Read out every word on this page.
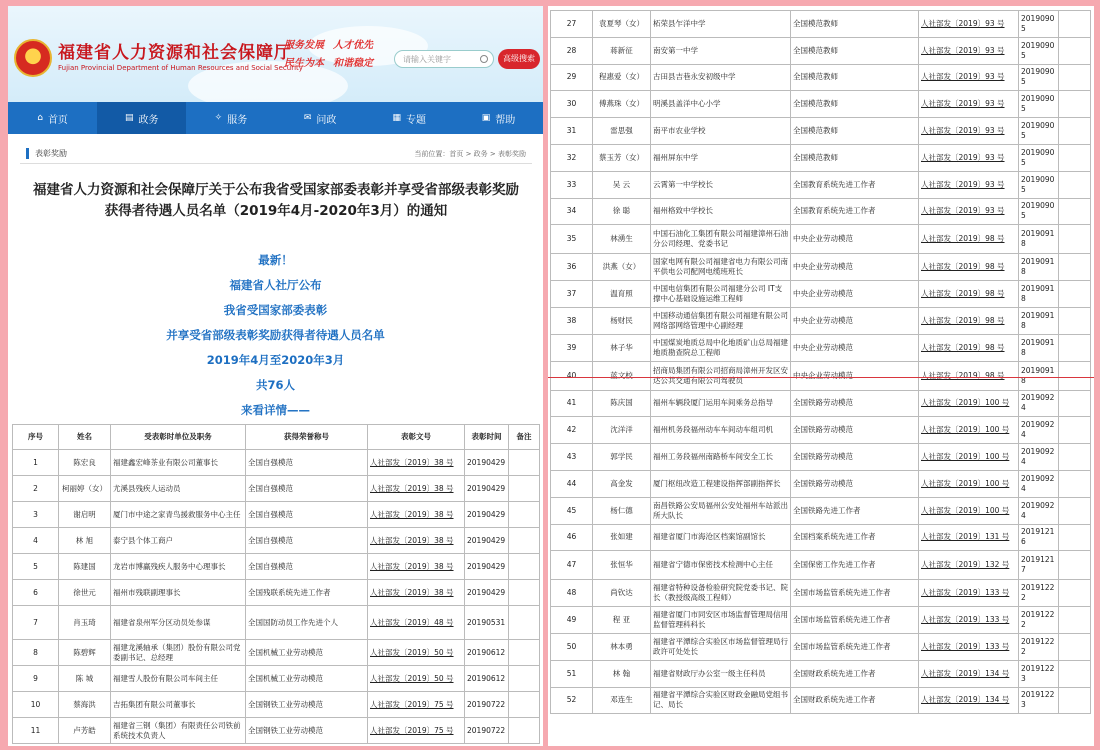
福建省人力资源和社会保障厅
Fujian Provincial Department of Human Resources and Social Security
服务发展 人才优先
民生为本 和谐稳定	请输入关键字	高级搜索
⌂ 首页	▤ 政务	✧ 服务	✉ 问政	▦ 专题	▣ 帮助
表彰奖励	当前位置：首页 > 政务 > 表彰奖励
福建省人力资源和社会保障厅关于公布我省受国家部委表彰并享受省部级表彰奖励
获得者待遇人员名单（2019年4月-2020年3月）的通知
最新！
福建省人社厅公布
我省受国家部委表彰
并享受省部级表彰奖励获得者待遇人员名单
2019年4月至2020年3月
共76人
来看详情——
序号	姓名	受表彰时单位及职务	获得荣誉称号	表彰文号	表彰时间	备注
1	陈宏良	福建鑫宏峰茶业有限公司董事长	全国自强模范	人社部发〔2019〕38 号	20190429	
2	柯丽婷（女）	尤溪县残疾人运动员	全国自强模范	人社部发〔2019〕38 号	20190429	
3	谢启明	厦门市中途之家青鸟援救服务中心主任	全国自强模范	人社部发〔2019〕38 号	20190429	
4	林 旭	泰宁县个体工商户	全国自强模范	人社部发〔2019〕38 号	20190429	
5	陈建国	龙岩市博赢残疾人服务中心理事长	全国自强模范	人社部发〔2019〕38 号	20190429	
6	徐世元	福州市残联副理事长	全国残联系统先进工作者	人社部发〔2019〕38 号	20190429	
7	肖玉琦	福建省泉州军分区动员处参谋	全国国防动员工作先进个人	人社部发〔2019〕48 号	20190531	
8	陈碧辉	福建龙溪轴承（集团）股份有限公司党委副书记、总经理	全国机械工业劳动模范	人社部发〔2019〕50 号	20190612	
9	陈 城	福建雪人股份有限公司车间主任	全国机械工业劳动模范	人社部发〔2019〕50 号	20190612	
10	蔡海洪	吉拓集团有限公司董事长	全国钢铁工业劳动模范	人社部发〔2019〕75 号	20190722	
11	卢芳皓	福建省三钢（集团）有限责任公司铁前系统技术负责人	全国钢铁工业劳动模范	人社部发〔2019〕75 号	20190722	
27	袁夏琴（女）	柘荣县乍洋中学	全国模范教师	人社部发〔2019〕93 号	20190905	
28	蒋新征	南安第一中学	全国模范教师	人社部发〔2019〕93 号	20190905	
29	程惠爱（女）	古田县吉巷永安初级中学	全国模范教师	人社部发〔2019〕93 号	20190905	
30	傅燕珠（女）	明溪县盖洋中心小学	全国模范教师	人社部发〔2019〕93 号	20190905	
31	雷思强	南平市农业学校	全国模范教师	人社部发〔2019〕93 号	20190905	
32	蔡玉芳（女）	福州屏东中学	全国模范教师	人社部发〔2019〕93 号	20190905	
33	吴 云	云霄第一中学校长	全国教育系统先进工作者	人社部发〔2019〕93 号	20190905	
34	徐 聪	福州格致中学校长	全国教育系统先进工作者	人社部发〔2019〕93 号	20190905	
35	林湧生	中国石油化工集团有限公司福建漳州石油分公司经理、党委书记	中央企业劳动模范	人社部发〔2019〕98 号	20190918	
36	洪燕（女）	国家电网有限公司福建省电力有限公司南平供电公司配网电缆班班长	中央企业劳动模范	人社部发〔2019〕98 号	20190918	
37	温育照	中国电信集团有限公司福建分公司 IT支撑中心基础设施运维工程师	中央企业劳动模范	人社部发〔2019〕98 号	20190918	
38	杨财民	中国移动通信集团有限公司福建有限公司网络部网络管理中心副经理	中央企业劳动模范	人社部发〔2019〕98 号	20190918	
39	林子华	中国煤炭地质总局中化地质矿山总局福建地质勘查院总工程师	中央企业劳动模范	人社部发〔2019〕98 号	20190918	
40	蓝文校	招商局集团有限公司招商局漳州开发区安达公共交通有限公司驾驶员	中央企业劳动模范	人社部发〔2019〕98 号	20190918	
41	陈庆国	福州车辆段厦门运用车间乘务总指导	全国铁路劳动模范	人社部发〔2019〕100 号	20190924	
42	沈洋洋	福州机务段福州动车车间动车组司机	全国铁路劳动模范	人社部发〔2019〕100 号	20190924	
43	郭学民	福州工务段福州南路桥车间安全工长	全国铁路劳动模范	人社部发〔2019〕100 号	20190924	
44	高金发	厦门枢纽改造工程建设指挥部副指挥长	全国铁路劳动模范	人社部发〔2019〕100 号	20190924	
45	杨仁德	南昌铁路公安局福州公安处福州车站派出所大队长	全国铁路先进工作者	人社部发〔2019〕100 号	20190924	
46	张如建	福建省厦门市海沧区档案馆副馆长	全国档案系统先进工作者	人社部发〔2019〕131 号	20191216	
47	张恒华	福建省宁德市保密技术检测中心主任	全国保密工作先进工作者	人社部发〔2019〕132 号	20191217	
48	尚钦达	福建省特种设备检验研究院党委书记、院长（教授级高级工程师）	全国市场监管系统先进工作者	人社部发〔2019〕133 号	20191222	
49	程 亚	福建省厦门市同安区市场监督管理局信用监督管理科科长	全国市场监管系统先进工作者	人社部发〔2019〕133 号	20191222	
50	林本勇	福建省平潭综合实验区市场监督管理局行政许可处处长	全国市场监管系统先进工作者	人社部发〔2019〕133 号	20191222	
51	林 翰	福建省财政厅办公室一级主任科员	全国财政系统先进工作者	人社部发〔2019〕134 号	20191223	
52	邓连生	福建省平潭综合实验区财政金融局党组书记、局长	全国财政系统先进工作者	人社部发〔2019〕134 号	20191223	
